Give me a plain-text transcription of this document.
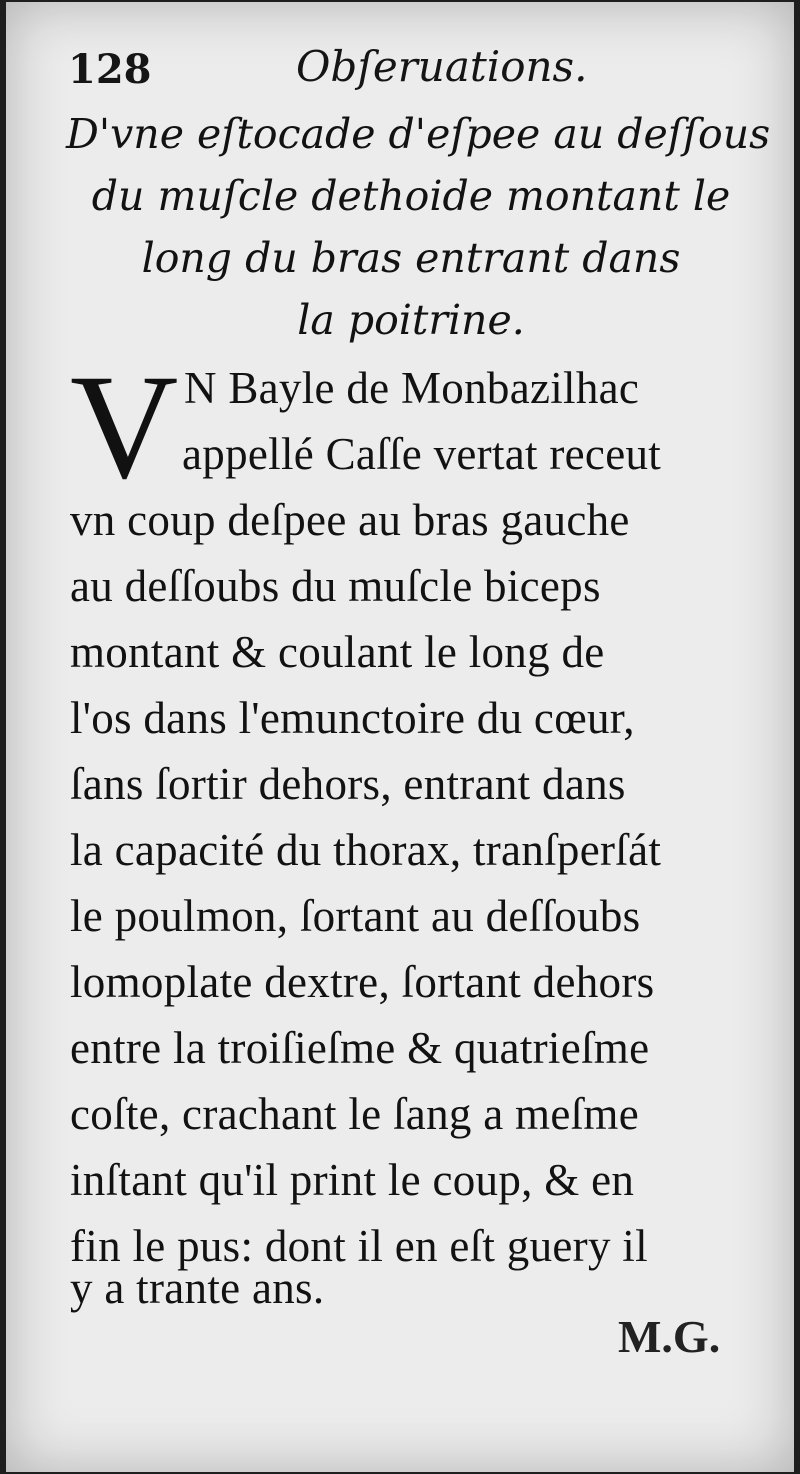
128	Obſeruations.
D'vne eſtocade d'eſpee au deſſous
du muſcle dethoide montant le
long du bras entrant dans
la poitrine.
V N Bayle de Monbazilhac
appellé Caſſe vertat receut
vn coup deſpee au bras gauche
au deſſoubs du muſcle biceps
montant & coulant le long de
l'os dans l'emunctoire du cœur,
ſans ſortir dehors, entrant dans
la capacité du thorax, tranſperſát
le poulmon, ſortant au deſſoubs
lomoplate dextre, ſortant dehors
entre la troiſieſme & quatrieſme
coſte, crachant le ſang a meſme
inſtant qu'il print le coup, & en
fin le pus: dont il en eſt guery il
y a trante ans.
M.G.
